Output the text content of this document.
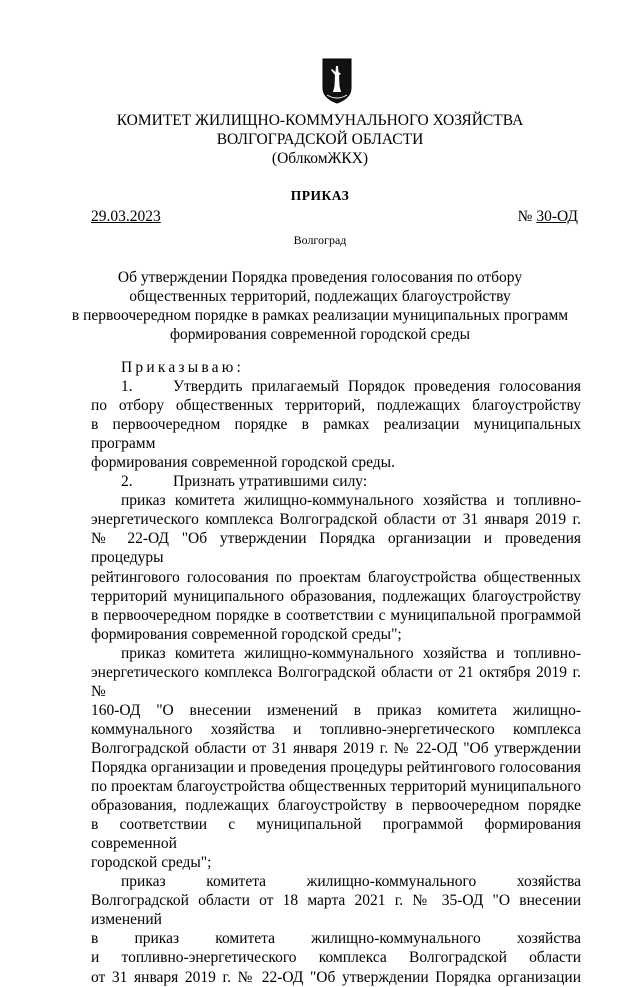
КОМИТЕТ ЖИЛИЩНО-КОММУНАЛЬНОГО ХОЗЯЙСТВА
ВОЛГОГРАДСКОЙ ОБЛАСТИ
(ОблкомЖКХ)
ПРИКАЗ
29.03.2023	№ 30-ОД
Волгоград
Об утверждении Порядка проведения голосования по отбору
общественных территорий, подлежащих благоустройству
в первоочередном порядке в рамках реализации муниципальных программ
формирования современной городской среды

Приказываю:

1.	Утвердить прилагаемый Порядок проведения голосования

по отбору общественных территорий, подлежащих благоустройству

в первоочередном порядке в рамках реализации муниципальных программ

формирования современной городской среды.

2.	Признать утратившими силу:

приказ комитета жилищно-коммунального хозяйства и топливно-

энергетического комплекса Волгоградской области от 31 января 2019 г.

№ 22-ОД "Об утверждении Порядка организации и проведения процедуры

рейтингового голосования по проектам благоустройства общественных

территорий муниципального образования, подлежащих благоустройству

в первоочередном порядке в соответствии с муниципальной программой

формирования современной городской среды";

приказ комитета жилищно-коммунального хозяйства и топливно-

энергетического комплекса Волгоградской области от 21 октября 2019 г. №

160-ОД "О внесении изменений в приказ комитета жилищно-

коммунального хозяйства и топливно-энергетического комплекса

Волгоградской области от 31 января 2019 г. № 22-ОД "Об утверждении

Порядка организации и проведения процедуры рейтингового голосования

по проектам благоустройства общественных территорий муниципального

образования, подлежащих благоустройству в первоочередном порядке

в соответствии с муниципальной программой формирования современной

городской среды";

приказ комитета жилищно-коммунального хозяйства

Волгоградской области от 18 марта 2021 г. № 35-ОД "О внесении изменений

в приказ комитета жилищно-коммунального хозяйства

и топливно-энергетического комплекса Волгоградской области

от 31 января 2019 г. № 22-ОД "Об утверждении Порядка организации
